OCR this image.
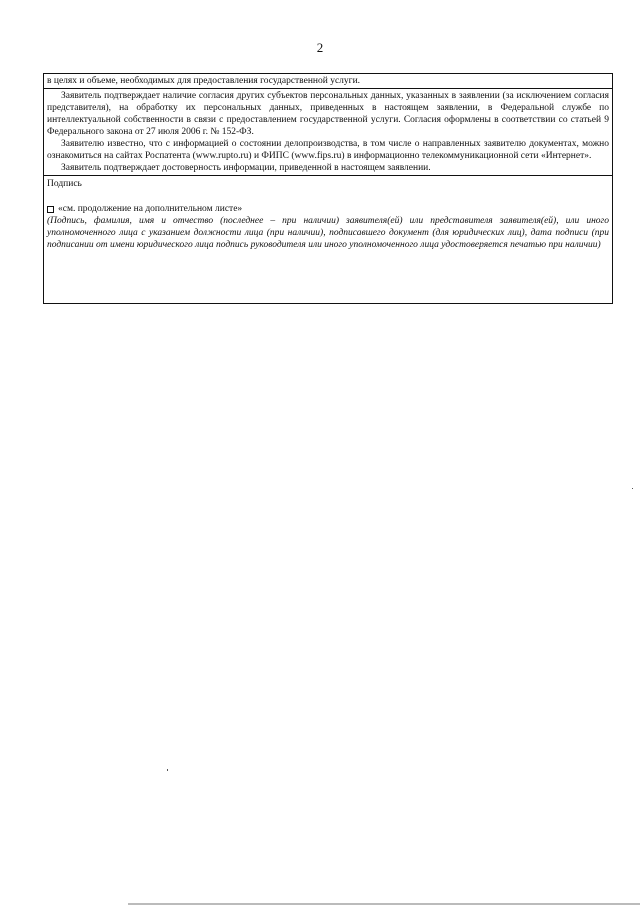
2

в целях и объеме, необходимых для предоставления государственной услуги.

Заявитель подтверждает наличие согласия других субъектов персональных данных, указанных в заявлении (за исключением согласия представителя), на обработку их персональных данных, приведенных в настоящем заявлении, в Федеральной службе по интеллектуальной собственности в связи с предоставлением государственной услуги. Согласия оформлены в соответствии со статьей 9 Федерального закона от 27 июля 2006 г. № 152-ФЗ.

Заявителю известно, что с информацией о состоянии делопроизводства, в том числе о направленных заявителю документах, можно ознакомиться на сайтах Роспатента (www.rupto.ru) и ФИПС (www.fips.ru) в информационно телекоммуникационной сети «Интернет».

Заявитель подтверждает достоверность информации, приведенной в настоящем заявлении.

Подпись
(Подпись, фамилия, имя и отчество (последнее – при наличии) заявителя(ей) или представителя заявителя(ей), или иного уполномоченного лица с указанием должности лица (при наличии), подписавшего документ (для юридических лиц), дата подписи (при подписании от имени юридического лица подпись руководителя или иного уполномоченного лица удостоверяется печатью при наличии)
«см. продолжение на дополнительном листе»
